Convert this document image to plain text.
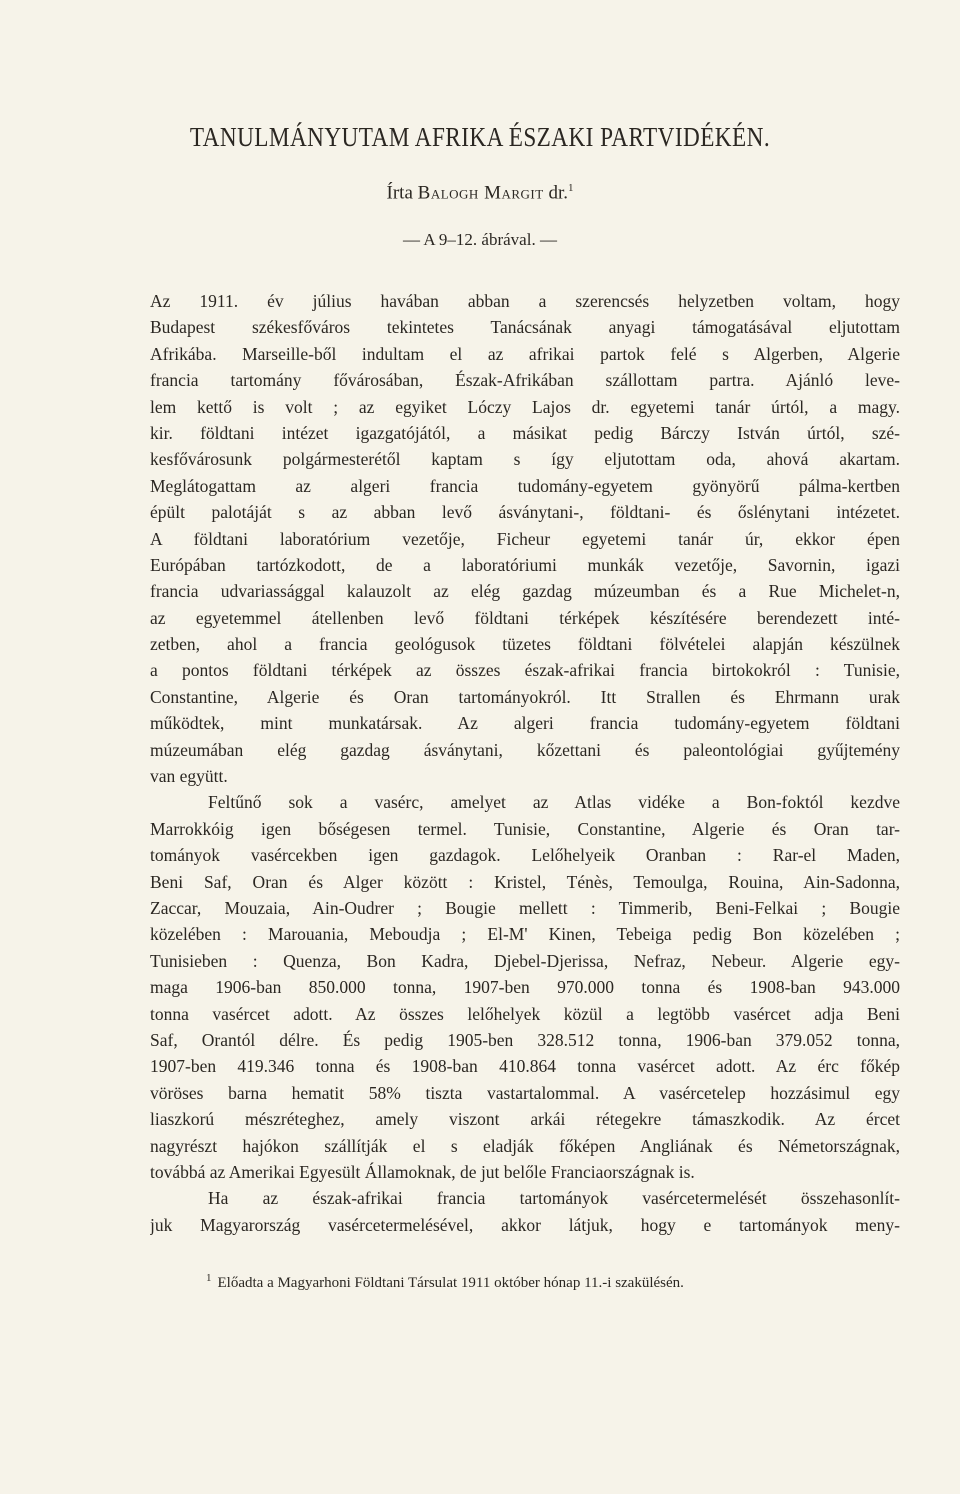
TANULMÁNYUTAM AFRIKA ÉSZAKI PARTVIDÉKÉN.
Írta Balogh Margit dr.$^1$
— A 9–12. ábrával. —
Az 1911. év július havában abban a szerencsés helyzetben voltam, hogy
Budapest székesfőváros tekintetes Tanácsának anyagi támogatásával eljutottam
Afrikába. Marseille-ből indultam el az afrikai partok felé s Algerben, Algerie
francia tartomány fővárosában, Észak-Afrikában szállottam partra. Ajánló leve-
lem kettő is volt ; az egyiket Lóczy Lajos dr. egyetemi tanár úrtól, a magy.
kir. földtani intézet igazgatójától, a másikat pedig Bárczy István úrtól, szé-
kesfővárosunk polgármesterétől kaptam s így eljutottam oda, ahová akartam.
Meglátogattam az algeri francia tudomány-egyetem gyönyörű pálma-kertben
épült palotáját s az abban levő ásványtani-, földtani- és őslénytani intézetet.
A földtani laboratórium vezetője, Ficheur egyetemi tanár úr, ekkor épen
Európában tartózkodott, de a laboratóriumi munkák vezetője, Savornin, igazi
francia udvariassággal kalauzolt az elég gazdag múzeumban és a Rue Michelet-n,
az egyetemmel átellenben levő földtani térképek készítésére berendezett inté-
zetben, ahol a francia geológusok tüzetes földtani fölvételei alapján készülnek
a pontos földtani térképek az összes észak-afrikai francia birtokokról : Tunisie,
Constantine, Algerie és Oran tartományokról. Itt Strallen és Ehrmann urak
működtek, mint munkatársak. Az algeri francia tudomány-egyetem földtani
múzeumában elég gazdag ásványtani, kőzettani és paleontológiai gyűjtemény
van együtt.
Feltűnő sok a vasérc, amelyet az Atlas vidéke a Bon-foktól kezdve
Marrokkóig igen bőségesen termel. Tunisie, Constantine, Algerie és Oran tar-
tományok vasércekben igen gazdagok. Lelőhelyeik Oranban : Rar-el Maden,
Beni Saf, Oran és Alger között : Kristel, Ténès, Temoulga, Rouina, Ain-Sadonna,
Zaccar, Mouzaia, Ain-Oudrer ; Bougie mellett : Timmerib, Beni-Felkai ; Bougie
közelében : Marouania, Meboudja ; El-M' Kinen, Tebeiga pedig Bon közelében ;
Tunisieben : Quenza, Bon Kadra, Djebel-Djerissa, Nefraz, Nebeur. Algerie egy-
maga 1906-ban 850.000 tonna, 1907-ben 970.000 tonna és 1908-ban 943.000
tonna vasércet adott. Az összes lelőhelyek közül a legtöbb vasércet adja Beni
Saf, Orantól délre. És pedig 1905-ben 328.512 tonna, 1906-ban 379.052 tonna,
1907-ben 419.346 tonna és 1908-ban 410.864 tonna vasércet adott. Az érc főkép
vöröses barna hematit 58% tiszta vastartalommal. A vasércetelep hozzásimul egy
liaszkorú mészréteghez, amely viszont arkái rétegekre támaszkodik. Az ércet
nagyrészt hajókon szállítják el s eladják főképen Angliának és Németországnak,
továbbá az Amerikai Egyesült Államoknak, de jut belőle Franciaországnak is.
Ha az észak-afrikai francia tartományok vasércetermelését összehasonlít-
juk Magyarország vasércetermelésével, akkor látjuk, hogy e tartományok meny-
$^1$ Előadta a Magyarhoni Földtani Társulat 1911 október hónap 11.-i szakülésén.
